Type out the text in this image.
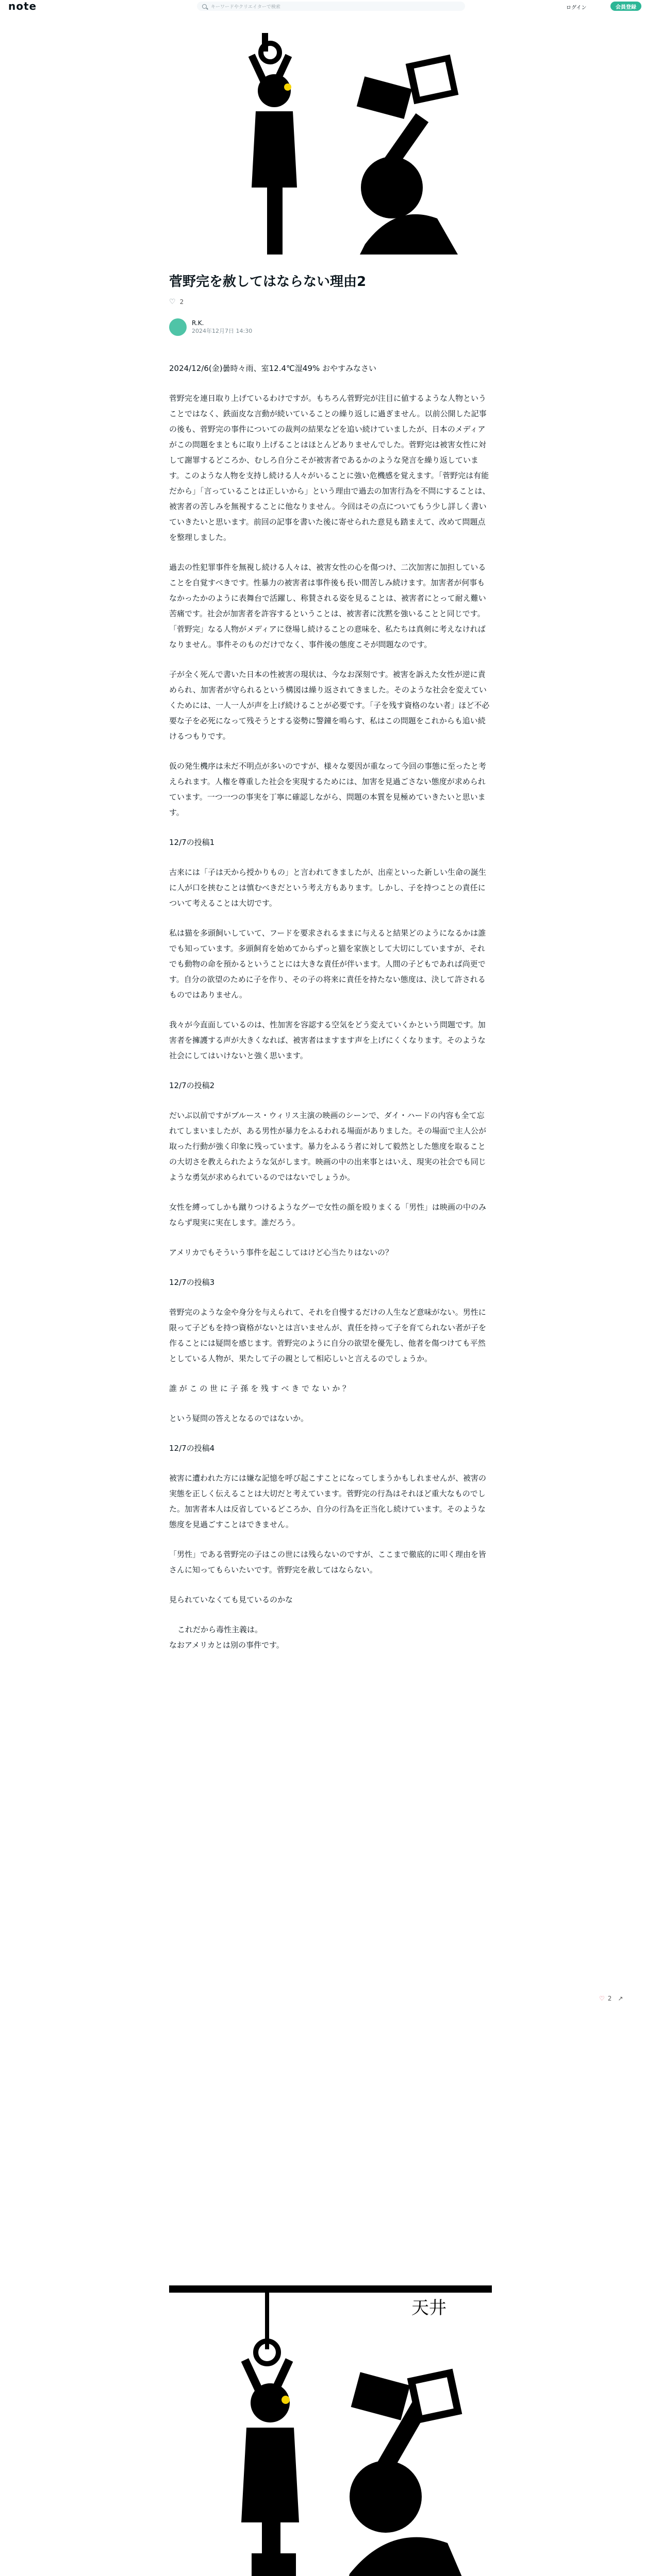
note	キーワードやクリエイターで検索	ログイン	会員登録
菅野完を赦してはならない理由2
♡ 2
R.K.
2024年12月7日 14:30

2024/12/6(金)曇時々雨、室12.4℃湿49% おやすみなさい

菅野完を連日取り上げているわけですが。もちろん菅野完が注目に値するような人物ということではなく、鉄面皮な言動が続いていることの繰り返しに過ぎません。以前公開した記事の後も、菅野完の事件についての裁判の結果などを追い続けていましたが、日本のメディアがこの問題をまともに取り上げることはほとんどありませんでした。菅野完は被害女性に対して謝罪するどころか、むしろ自分こそが被害者であるかのような発言を繰り返しています。このような人物を支持し続ける人々がいることに強い危機感を覚えます。「菅野完は有能だから」「言っていることは正しいから」という理由で過去の加害行為を不問にすることは、被害者の苦しみを無視することに他なりません。今回はその点についてもう少し詳しく書いていきたいと思います。前回の記事を書いた後に寄せられた意見も踏まえて、改めて問題点を整理しました。

過去の性犯罪事件を無視し続ける人々は、被害女性の心を傷つけ、二次加害に加担していることを自覚すべきです。性暴力の被害者は事件後も長い間苦しみ続けます。加害者が何事もなかったかのように表舞台で活躍し、称賛される姿を見ることは、被害者にとって耐え難い苦痛です。社会が加害者を許容するということは、被害者に沈黙を強いることと同じです。「菅野完」なる人物がメディアに登場し続けることの意味を、私たちは真剣に考えなければなりません。事件そのものだけでなく、事件後の態度こそが問題なのです。

子が全く死んで書いた日本の性被害の現状は、今なお深刻です。被害を訴えた女性が逆に責められ、加害者が守られるという構図は繰り返されてきました。そのような社会を変えていくためには、一人一人が声を上げ続けることが必要です。「子を残す資格のない者」ほど不必要な子を必死になって残そうとする姿勢に警鐘を鳴らす、私はこの問題をこれからも追い続けるつもりです。

仮の発生機序は未だ不明点が多いのですが、様々な要因が重なって今回の事態に至ったと考えられます。人権を尊重した社会を実現するためには、加害を見過ごさない態度が求められています。一つ一つの事実を丁寧に確認しながら、問題の本質を見極めていきたいと思います。

12/7の投稿1

古来には「子は天から授かりもの」と言われてきましたが、出産といった新しい生命の誕生に人が口を挟むことは慎むべきだという考え方もあります。しかし、子を持つことの責任について考えることは大切です。

私は猫を多頭飼いしていて、フードを要求されるままに与えると結果どのようになるかは誰でも知っています。多頭飼育を始めてからずっと猫を家族として大切にしていますが、それでも動物の命を預かるということには大きな責任が伴います。人間の子どもであれば尚更です。自分の欲望のために子を作り、その子の将来に責任を持たない態度は、決して許されるものではありません。

我々が今直面しているのは、性加害を容認する空気をどう変えていくかという問題です。加害者を擁護する声が大きくなれば、被害者はますます声を上げにくくなります。そのような社会にしてはいけないと強く思います。

12/7の投稿2

だいぶ以前ですがブルース・ウィリス主演の映画のシーンで、ダイ・ハードの内容も全て忘れてしまいましたが、ある男性が暴力をふるわれる場面がありました。その場面で主人公が取った行動が強く印象に残っています。暴力をふるう者に対して毅然とした態度を取ることの大切さを教えられたような気がします。映画の中の出来事とはいえ、現実の社会でも同じような勇気が求められているのではないでしょうか。

女性を縛ってしかも蹴りつけるようなグーで女性の顔を殴りまくる「男性」は映画の中のみならず現実に実在します。誰だろう。

アメリカでもそういう事件を起こしてはけど心当たりはないの？

12/7の投稿3

菅野完のような金や身分を与えられて、それを自慢するだけの人生など意味がない。男性に限って子どもを持つ資格がないとは言いませんが、責任を持って子を育てられない者が子を作ることには疑問を感じます。菅野完のように自分の欲望を優先し、他者を傷つけても平然としている人物が、果たして子の親として相応しいと言えるのでしょうか。

誰 が こ の 世 に 子 孫 を 残 す べ き で な い か ？

という疑問の答えとなるのではないか。

12/7の投稿4

被害に遭われた方には嫌な記憶を呼び起こすことになってしまうかもしれませんが、被害の実態を正しく伝えることは大切だと考えています。菅野完の行為はそれほど重大なものでした。加害者本人は反省しているどころか、自分の行為を正当化し続けています。そのような態度を見過ごすことはできません。

「男性」である菅野完の子はこの世には残らないのですが、ここまで徹底的に叩く理由を皆さんに知ってもらいたいです。菅野完を赦してはならない。

見られていなくても見ているのかな

これだから毒性主義は。

なおアメリカとは別の事件です。

♡ 2 ↗
天井
